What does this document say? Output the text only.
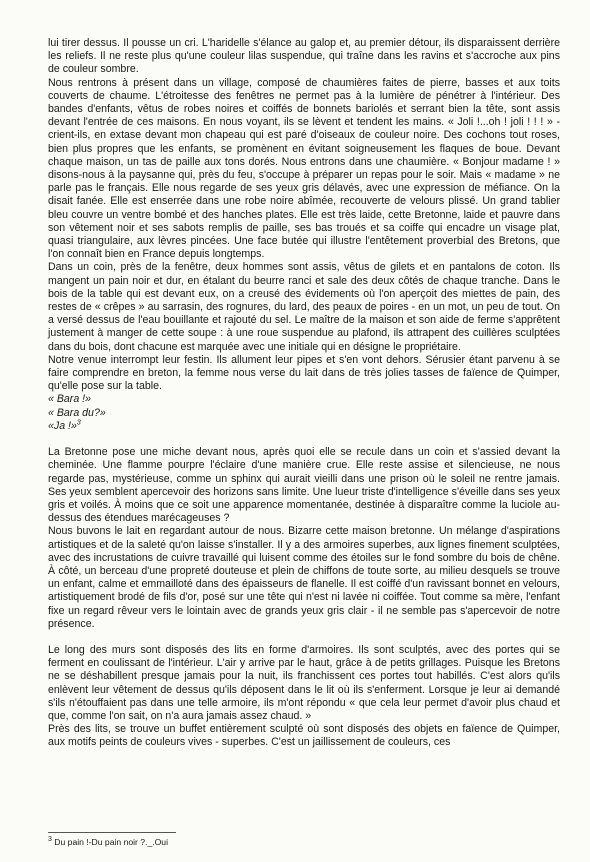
lui tirer dessus. Il pousse un cri. L'haridelle s'élance au galop et, au premier détour, ils disparaissent derrière les reliefs. Il ne reste plus qu'une couleur lilas suspendue, qui traîne dans les ravins et s'accroche aux pins de couleur sombre.

Nous rentrons à présent dans un village, composé de chaumières faites de pierre, basses et aux toits couverts de chaume. L'étroitesse des fenêtres ne permet pas à la lumière de pénétrer à l'intérieur. Des bandes d'enfants, vêtus de robes noires et coiffés de bonnets bariolés et serrant bien la tête, sont assis devant l'entrée de ces maisons. En nous voyant, ils se lèvent et tendent les mains. « Joli !...oh ! joli ! ! ! » - crient-ils, en extase devant mon chapeau qui est paré d'oiseaux de couleur noire. Des cochons tout roses, bien plus propres que les enfants, se promènent en évitant soigneusement les flaques de boue. Devant chaque maison, un tas de paille aux tons dorés. Nous entrons dans une chaumière. « Bonjour madame ! » disons-nous à la paysanne qui, près du feu, s'occupe à préparer un repas pour le soir. Mais « madame » ne parle pas le français. Elle nous regarde de ses yeux gris délavés, avec une expression de méfiance. On la disait fanée. Elle est enserrée dans une robe noire abîmée, recouverte de velours plissé. Un grand tablier bleu couvre un ventre bombé et des hanches plates. Elle est très laide, cette Bretonne, laide et pauvre dans son vêtement noir et ses sabots remplis de paille, ses bas troués et sa coiffe qui encadre un visage plat, quasi triangulaire, aux lèvres pincées. Une face butée qui illustre l'entêtement proverbial des Bretons, que l'on connaît bien en France depuis longtemps.

Dans un coin, près de la fenêtre, deux hommes sont assis, vêtus de gilets et en pantalons de coton. Ils mangent un pain noir et dur, en étalant du beurre ranci et sale des deux côtés de chaque tranche. Dans le bois de la table qui est devant eux, on a creusé des évidements où l'on aperçoit des miettes de pain, des restes de « crêpes » au sarrasin, des rognures, du lard, des peaux de poires - en un mot, un peu de tout. On a versé dessus de l'eau bouillante et rajouté du sel. Le maître de la maison et son aide de ferme s'apprêtent justement à manger de cette soupe : à une roue suspendue au plafond, ils attrapent des cuillères sculptées dans du bois, dont chacune est marquée avec une initiale qui en désigne le propriétaire.

Notre venue interrompt leur festin. Ils allument leur pipes et s'en vont dehors. Sérusier étant parvenu à se faire comprendre en breton, la femme nous verse du lait dans de très jolies tasses de faïence de Quimper, qu'elle pose sur la table.

« Bara !»

« Bara du?»

«Ja !»$^3$

La Bretonne pose une miche devant nous, après quoi elle se recule dans un coin et s'assied devant la cheminée. Une flamme pourpre l'éclaire d'une manière crue. Elle reste assise et silencieuse, ne nous regarde pas, mystérieuse, comme un sphinx qui aurait vieilli dans une prison où le soleil ne rentre jamais. Ses yeux semblent apercevoir des horizons sans limite. Une lueur triste d'intelligence s'éveille dans ses yeux gris et voilés. À moins que ce soit une apparence momentanée, destinée à disparaître comme la luciole au-dessus des étendues marécageuses ?

Nous buvons le lait en regardant autour de nous. Bizarre cette maison bretonne. Un mélange d'aspirations artistiques et de la saleté qu'on laisse s'installer. Il y a des armoires superbes, aux lignes finement sculptées, avec des incrustations de cuivre travaillé qui luisent comme des étoiles sur le fond sombre du bois de chêne. À côté, un berceau d'une propreté douteuse et plein de chiffons de toute sorte, au milieu desquels se trouve un enfant, calme et emmailloté dans des épaisseurs de flanelle. Il est coiffé d'un ravissant bonnet en velours, artistiquement brodé de fils d'or, posé sur une tête qui n'est ni lavée ni coiffée. Tout comme sa mère, l'enfant fixe un regard rêveur vers le lointain avec de grands yeux gris clair - il ne semble pas s'apercevoir de notre présence.

Le long des murs sont disposés des lits en forme d'armoires. Ils sont sculptés, avec des portes qui se ferment en coulissant de l'intérieur. L'air y arrive par le haut, grâce à de petits grillages. Puisque les Bretons ne se déshabillent presque jamais pour la nuit, ils franchissent ces portes tout habillés. C'est alors qu'ils enlèvent leur vêtement de dessus qu'ils déposent dans le lit où ils s'enferment. Lorsque je leur ai demandé s'ils n'étouffaient pas dans une telle armoire, ils m'ont répondu « que cela leur permet d'avoir plus chaud et que, comme l'on sait, on n'a aura jamais assez chaud. »

Près des lits, se trouve un buffet entièrement sculpté où sont disposés des objets en faïence de Quimper, aux motifs peints de couleurs vives - superbes. C'est un jaillissement de couleurs, ces

$^3$ Du pain !-Du pain noir ?._.Oui
